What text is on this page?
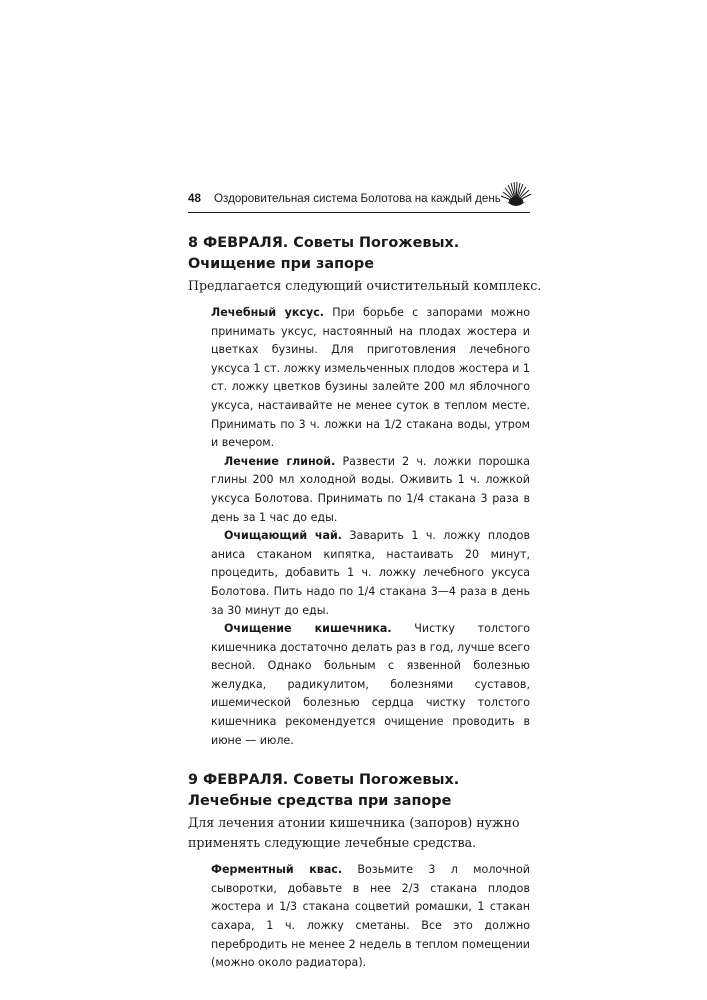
48 Оздоровительная система Болотова на каждый день
8 ФЕВРАЛЯ. Советы Погожевых. Очищение при запоре
Предлагается следующий очистительный комплекс.

Лечебный уксус. При борьбе с запорами можно принимать уксус, настоянный на плодах жостера и цветках бузины. Для приготовления лечебного уксуса 1 ст. ложку измельченных плодов жостера и 1 ст. ложку цветков бузины залейте 200 мл яблочного уксуса, настаивайте не менее суток в теплом месте. Принимать по 3 ч. ложки на 1/2 стакана воды, утром и вечером.

Лечение глиной. Развести 2 ч. ложки порошка глины 200 мл холодной воды. Оживить 1 ч. ложкой уксуса Болотова. Принимать по 1/4 стакана 3 раза в день за 1 час до еды.

Очищающий чай. Заварить 1 ч. ложку плодов аниса стаканом кипятка, настаивать 20 минут, процедить, добавить 1 ч. ложку лечебного уксуса Болотова. Пить надо по 1/4 стакана 3—4 раза в день за 30 минут до еды.

Очищение кишечника. Чистку толстого кишечника достаточно делать раз в год, лучше всего весной. Однако больным с язвенной болезнью желудка, радикулитом, болезнями суставов, ишемической болезнью сердца чистку толстого кишечника рекомендуется очищение проводить в июне — июле.

9 ФЕВРАЛЯ. Советы Погожевых. Лечебные средства при запоре
Для лечения атонии кишечника (запоров) нужно применять следующие лечебные средства.

Ферментный квас. Возьмите 3 л молочной сыворотки, добавьте в нее 2/3 стакана плодов жостера и 1/3 стакана соцветий ромашки, 1 стакан сахара, 1 ч. ложку сметаны. Все это должно перебродить не менее 2 недель в теплом помещении (можно около радиатора).
